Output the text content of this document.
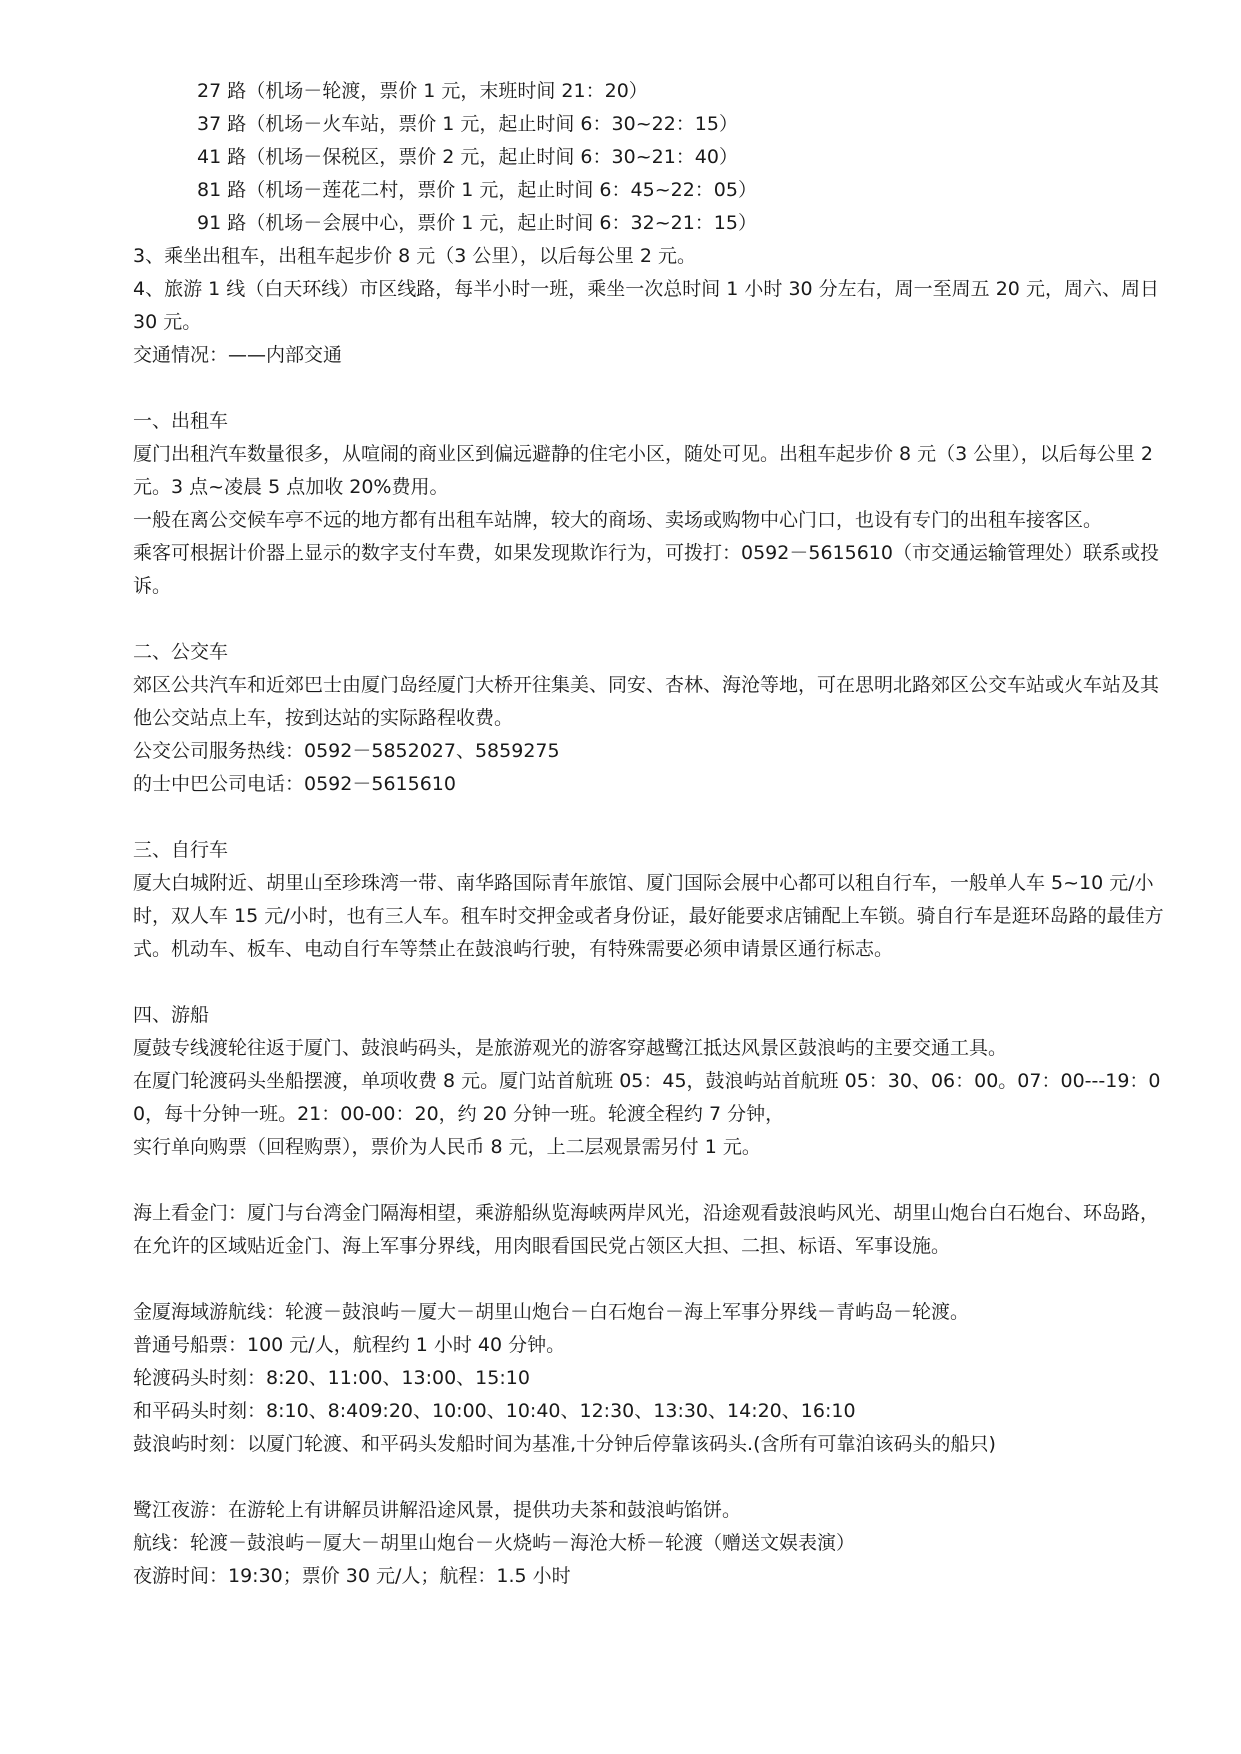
27 路（机场－轮渡，票价 1 元，末班时间 21：20）
37 路（机场－火车站，票价 1 元，起止时间 6：30~22：15）
41 路（机场－保税区，票价 2 元，起止时间 6：30~21：40）
81 路（机场－莲花二村，票价 1 元，起止时间 6：45~22：05）
91 路（机场－会展中心，票价 1 元，起止时间 6：32~21：15）
3、乘坐出租车，出租车起步价 8 元（3 公里），以后每公里 2 元。
4、旅游 1 线（白天环线）市区线路，每半小时一班，乘坐一次总时间 1 小时 30 分左右，周一至周五 20 元，周六、周日 30 元。
交通情况：——内部交通
一、出租车
厦门出租汽车数量很多，从喧闹的商业区到偏远避静的住宅小区，随处可见。出租车起步价 8 元（3 公里），以后每公里 2 元。3 点~凌晨 5 点加收 20%费用。
一般在离公交候车亭不远的地方都有出租车站牌，较大的商场、卖场或购物中心门口，也设有专门的出租车接客区。
乘客可根据计价器上显示的数字支付车费，如果发现欺诈行为，可拨打：0592－5615610（市交通运输管理处）联系或投诉。
二、公交车
郊区公共汽车和近郊巴士由厦门岛经厦门大桥开往集美、同安、杏林、海沧等地，可在思明北路郊区公交车站或火车站及其他公交站点上车，按到达站的实际路程收费。
公交公司服务热线：0592－5852027、5859275
的士中巴公司电话：0592－5615610
三、自行车
厦大白城附近、胡里山至珍珠湾一带、南华路国际青年旅馆、厦门国际会展中心都可以租自行车，一般单人车 5~10 元/小时，双人车 15 元/小时，也有三人车。租车时交押金或者身份证，最好能要求店铺配上车锁。骑自行车是逛环岛路的最佳方式。机动车、板车、电动自行车等禁止在鼓浪屿行驶，有特殊需要必须申请景区通行标志。
四、游船
厦鼓专线渡轮往返于厦门、鼓浪屿码头，是旅游观光的游客穿越鹭江抵达风景区鼓浪屿的主要交通工具。
在厦门轮渡码头坐船摆渡，单项收费 8 元。厦门站首航班 05：45，鼓浪屿站首航班 05：30、06：00。07：00---19：00，每十分钟一班。21：00-00：20，约 20 分钟一班。轮渡全程约 7 分钟，
实行单向购票（回程购票），票价为人民币 8 元，上二层观景需另付 1 元。
海上看金门：厦门与台湾金门隔海相望，乘游船纵览海峡两岸风光，沿途观看鼓浪屿风光、胡里山炮台白石炮台、环岛路，在允许的区域贴近金门、海上军事分界线，用肉眼看国民党占领区大担、二担、标语、军事设施。
金厦海域游航线：轮渡－鼓浪屿－厦大－胡里山炮台－白石炮台－海上军事分界线－青屿岛－轮渡。
普通号船票：100 元/人，航程约 1 小时 40 分钟。
轮渡码头时刻：8:20、11:00、13:00、15:10
和平码头时刻：8:10、8:409:20、10:00、10:40、12:30、13:30、14:20、16:10
鼓浪屿时刻：以厦门轮渡、和平码头发船时间为基准,十分钟后停靠该码头.(含所有可靠泊该码头的船只)
鹭江夜游：在游轮上有讲解员讲解沿途风景，提供功夫茶和鼓浪屿馅饼。
航线：轮渡－鼓浪屿－厦大－胡里山炮台－火烧屿－海沧大桥－轮渡（赠送文娱表演）
夜游时间：19:30；票价 30 元/人；航程：1.5 小时
